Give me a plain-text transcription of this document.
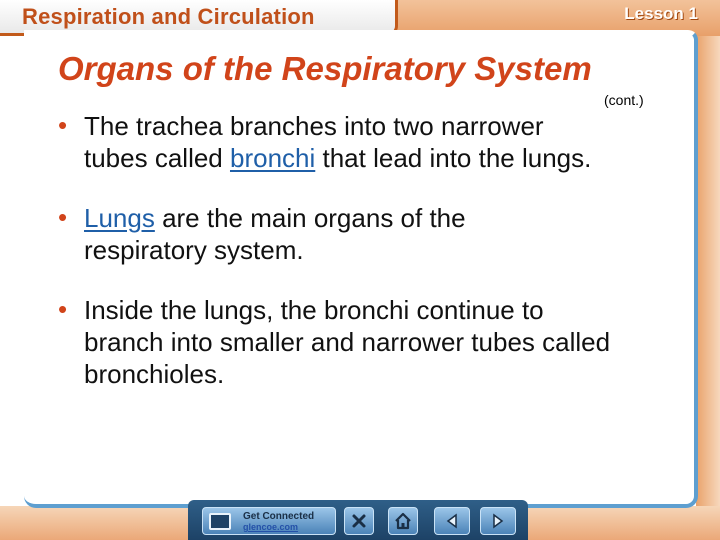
Respiration and Circulation	Lesson 1
Organs of the Respiratory System
(cont.)
• The trachea branches into two narrower tubes called bronchi that lead into the lungs.
• Lungs are the main organs of the respiratory system.
• Inside the lungs, the bronchi continue to branch into smaller and narrower tubes called bronchioles.
Get Connected
glencoe.com
